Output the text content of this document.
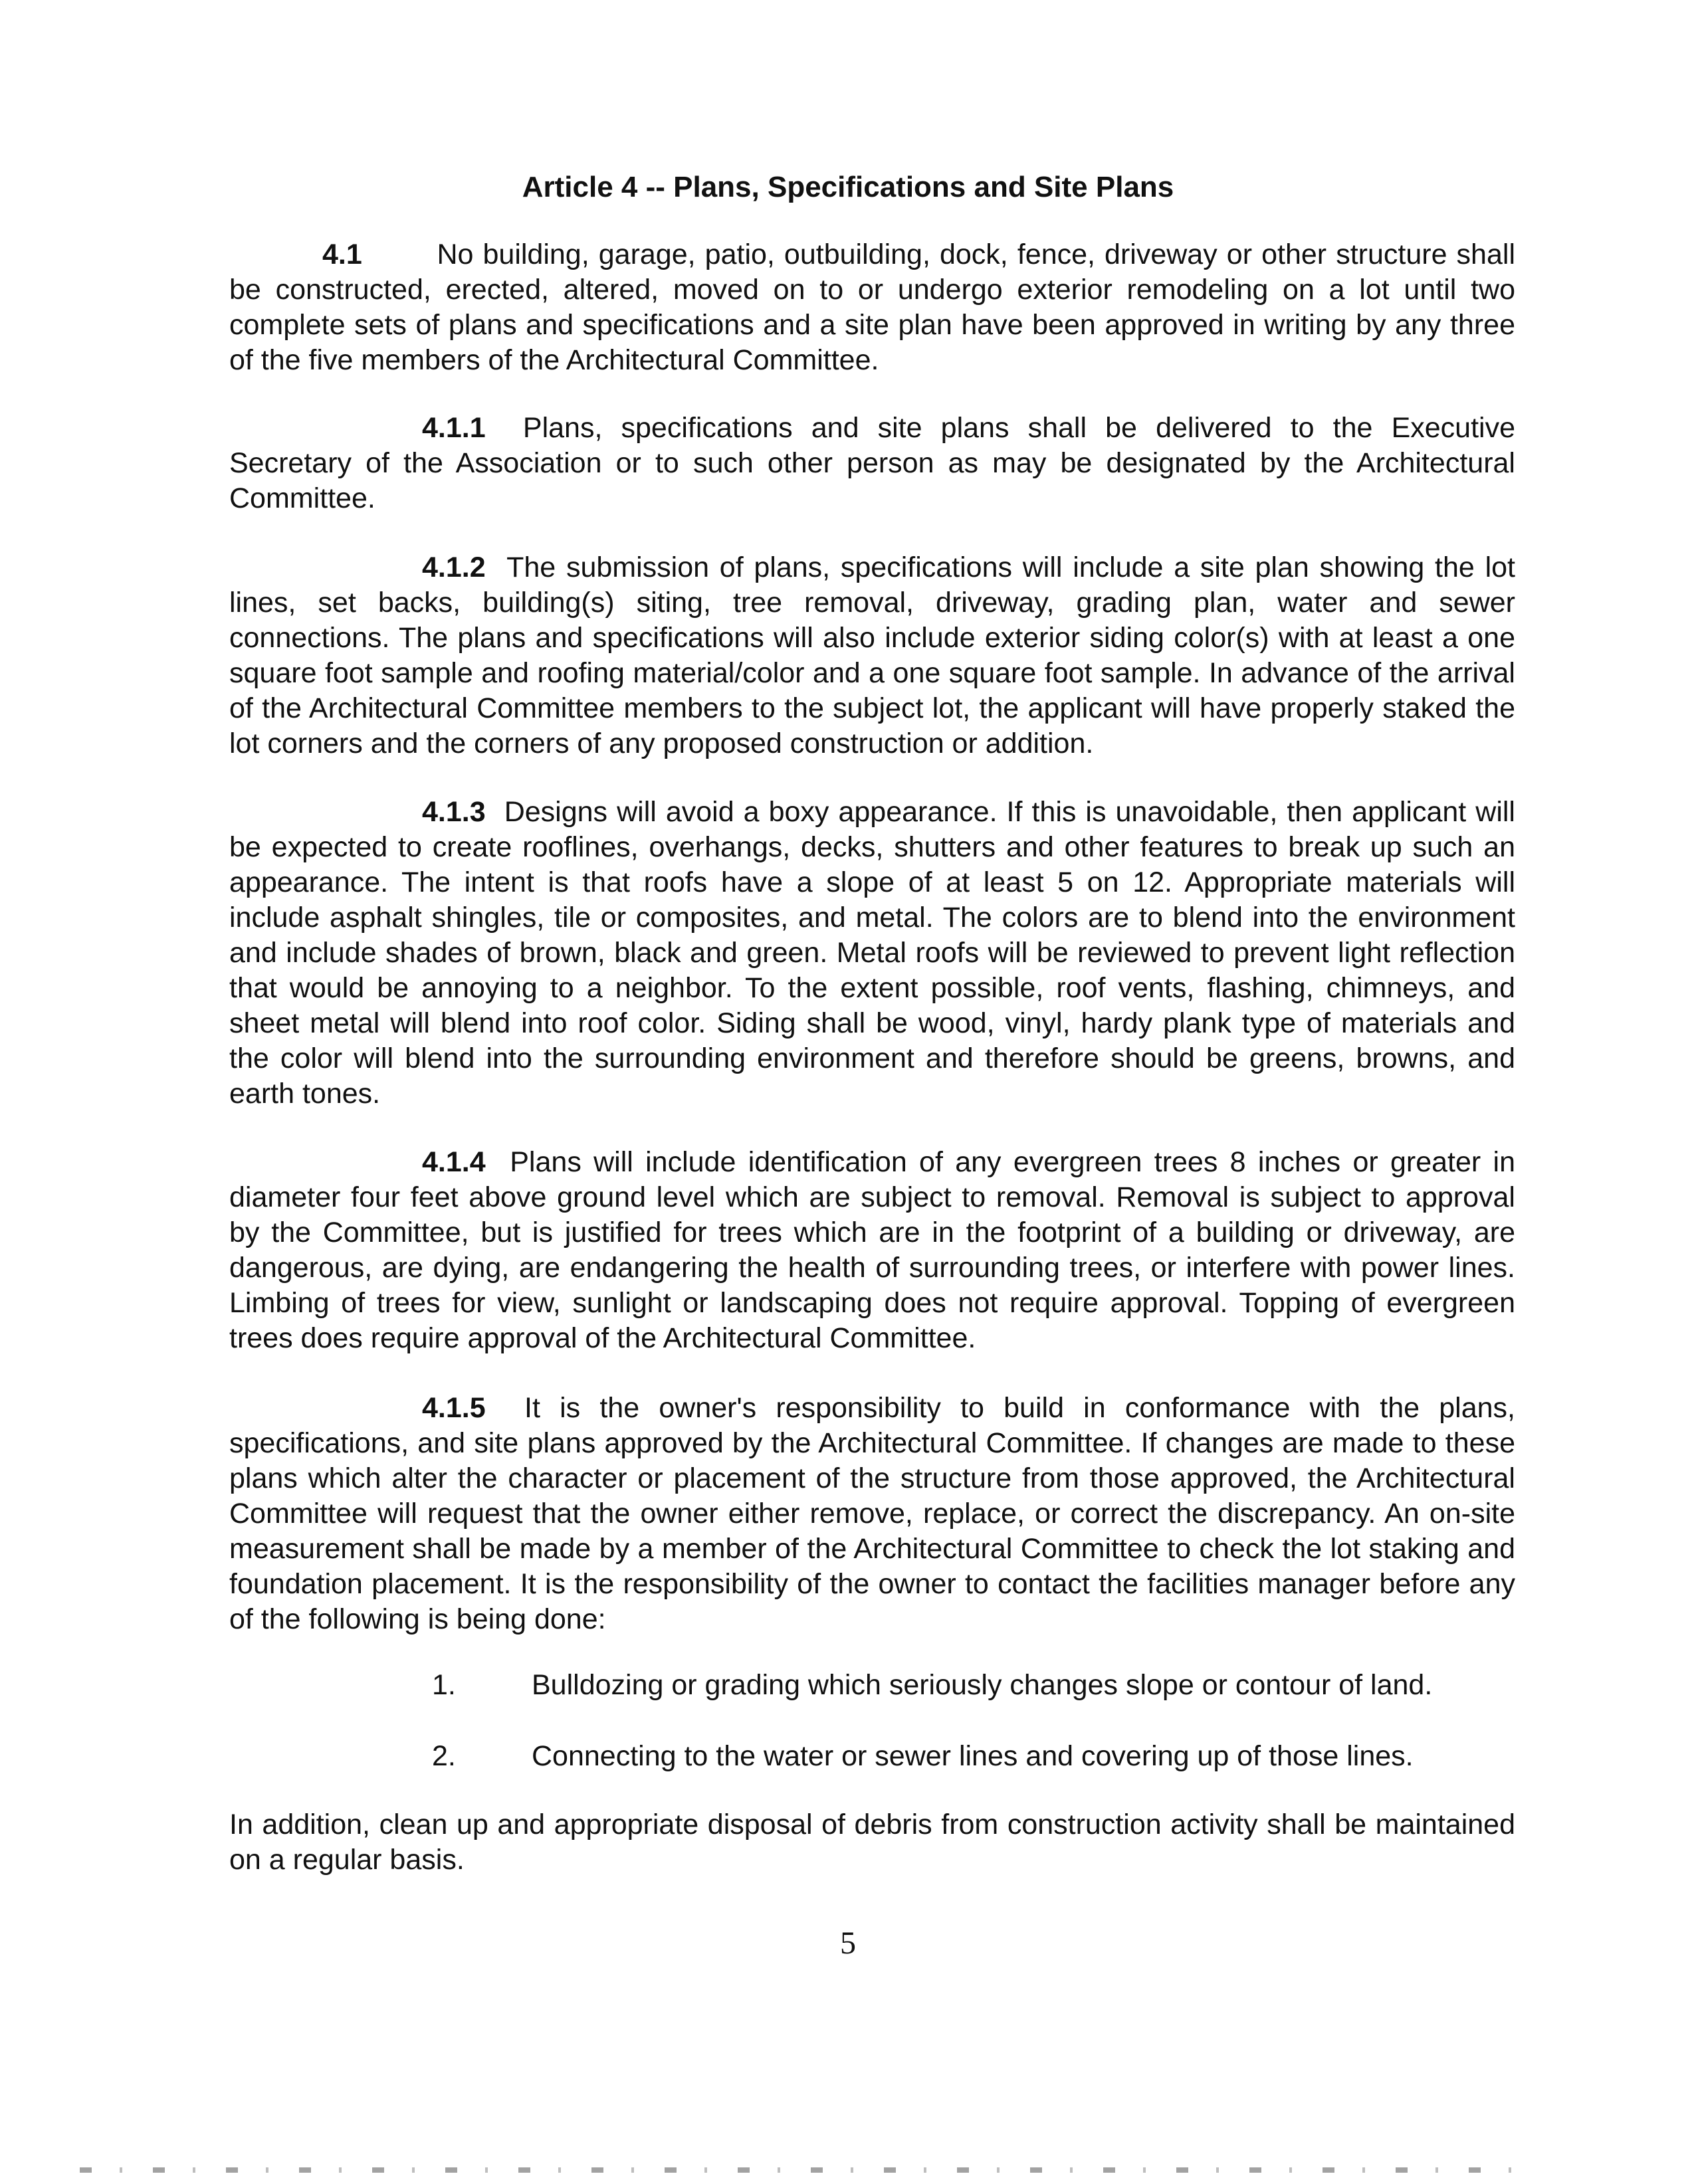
Article 4 -- Plans, Specifications and Site Plans

4.1	No building, garage, patio, outbuilding, dock, fence, driveway or other structure shall be constructed, erected, altered, moved on to or undergo exterior remodeling on a lot until two complete sets of plans and specifications and a site plan have been approved in writing by any three of the five members of the Architectural Committee.

4.1.1 Plans, specifications and site plans shall be delivered to the Executive Secretary of the Association or to such other person as may be designated by the Architectural Committee.

4.1.2 The submission of plans, specifications will include a site plan showing the lot lines, set backs, building(s) siting, tree removal, driveway, grading plan, water and sewer connections. The plans and specifications will also include exterior siding color(s) with at least a one square foot sample and roofing material/color and a one square foot sample. In advance of the arrival of the Architectural Committee members to the subject lot, the applicant will have properly staked the lot corners and the corners of any proposed construction or addition.

4.1.3 Designs will avoid a boxy appearance. If this is unavoidable, then applicant will be expected to create rooflines, overhangs, decks, shutters and other features to break up such an appearance. The intent is that roofs have a slope of at least 5 on 12. Appropriate materials will include asphalt shingles, tile or composites, and metal. The colors are to blend into the environment and include shades of brown, black and green. Metal roofs will be reviewed to prevent light reflection that would be annoying to a neighbor. To the extent possible, roof vents, flashing, chimneys, and sheet metal will blend into roof color. Siding shall be wood, vinyl, hardy plank type of materials and the color will blend into the surrounding environment and therefore should be greens, browns, and earth tones.

4.1.4 Plans will include identification of any evergreen trees 8 inches or greater in diameter four feet above ground level which are subject to removal. Removal is subject to approval by the Committee, but is justified for trees which are in the footprint of a building or driveway, are dangerous, are dying, are endangering the health of surrounding trees, or interfere with power lines. Limbing of trees for view, sunlight or landscaping does not require approval. Topping of evergreen trees does require approval of the Architectural Committee.

4.1.5 It is the owner's responsibility to build in conformance with the plans, specifications, and site plans approved by the Architectural Committee. If changes are made to these plans which alter the character or placement of the structure from those approved, the Architectural Committee will request that the owner either remove, replace, or correct the discrepancy. An on-site measurement shall be made by a member of the Architectural Committee to check the lot staking and foundation placement. It is the responsibility of the owner to contact the facilities manager before any of the following is being done:

1.	Bulldozing or grading which seriously changes slope or contour of land.
2.	Connecting to the water or sewer lines and covering up of those lines.

In addition, clean up and appropriate disposal of debris from construction activity shall be maintained on a regular basis.

5
